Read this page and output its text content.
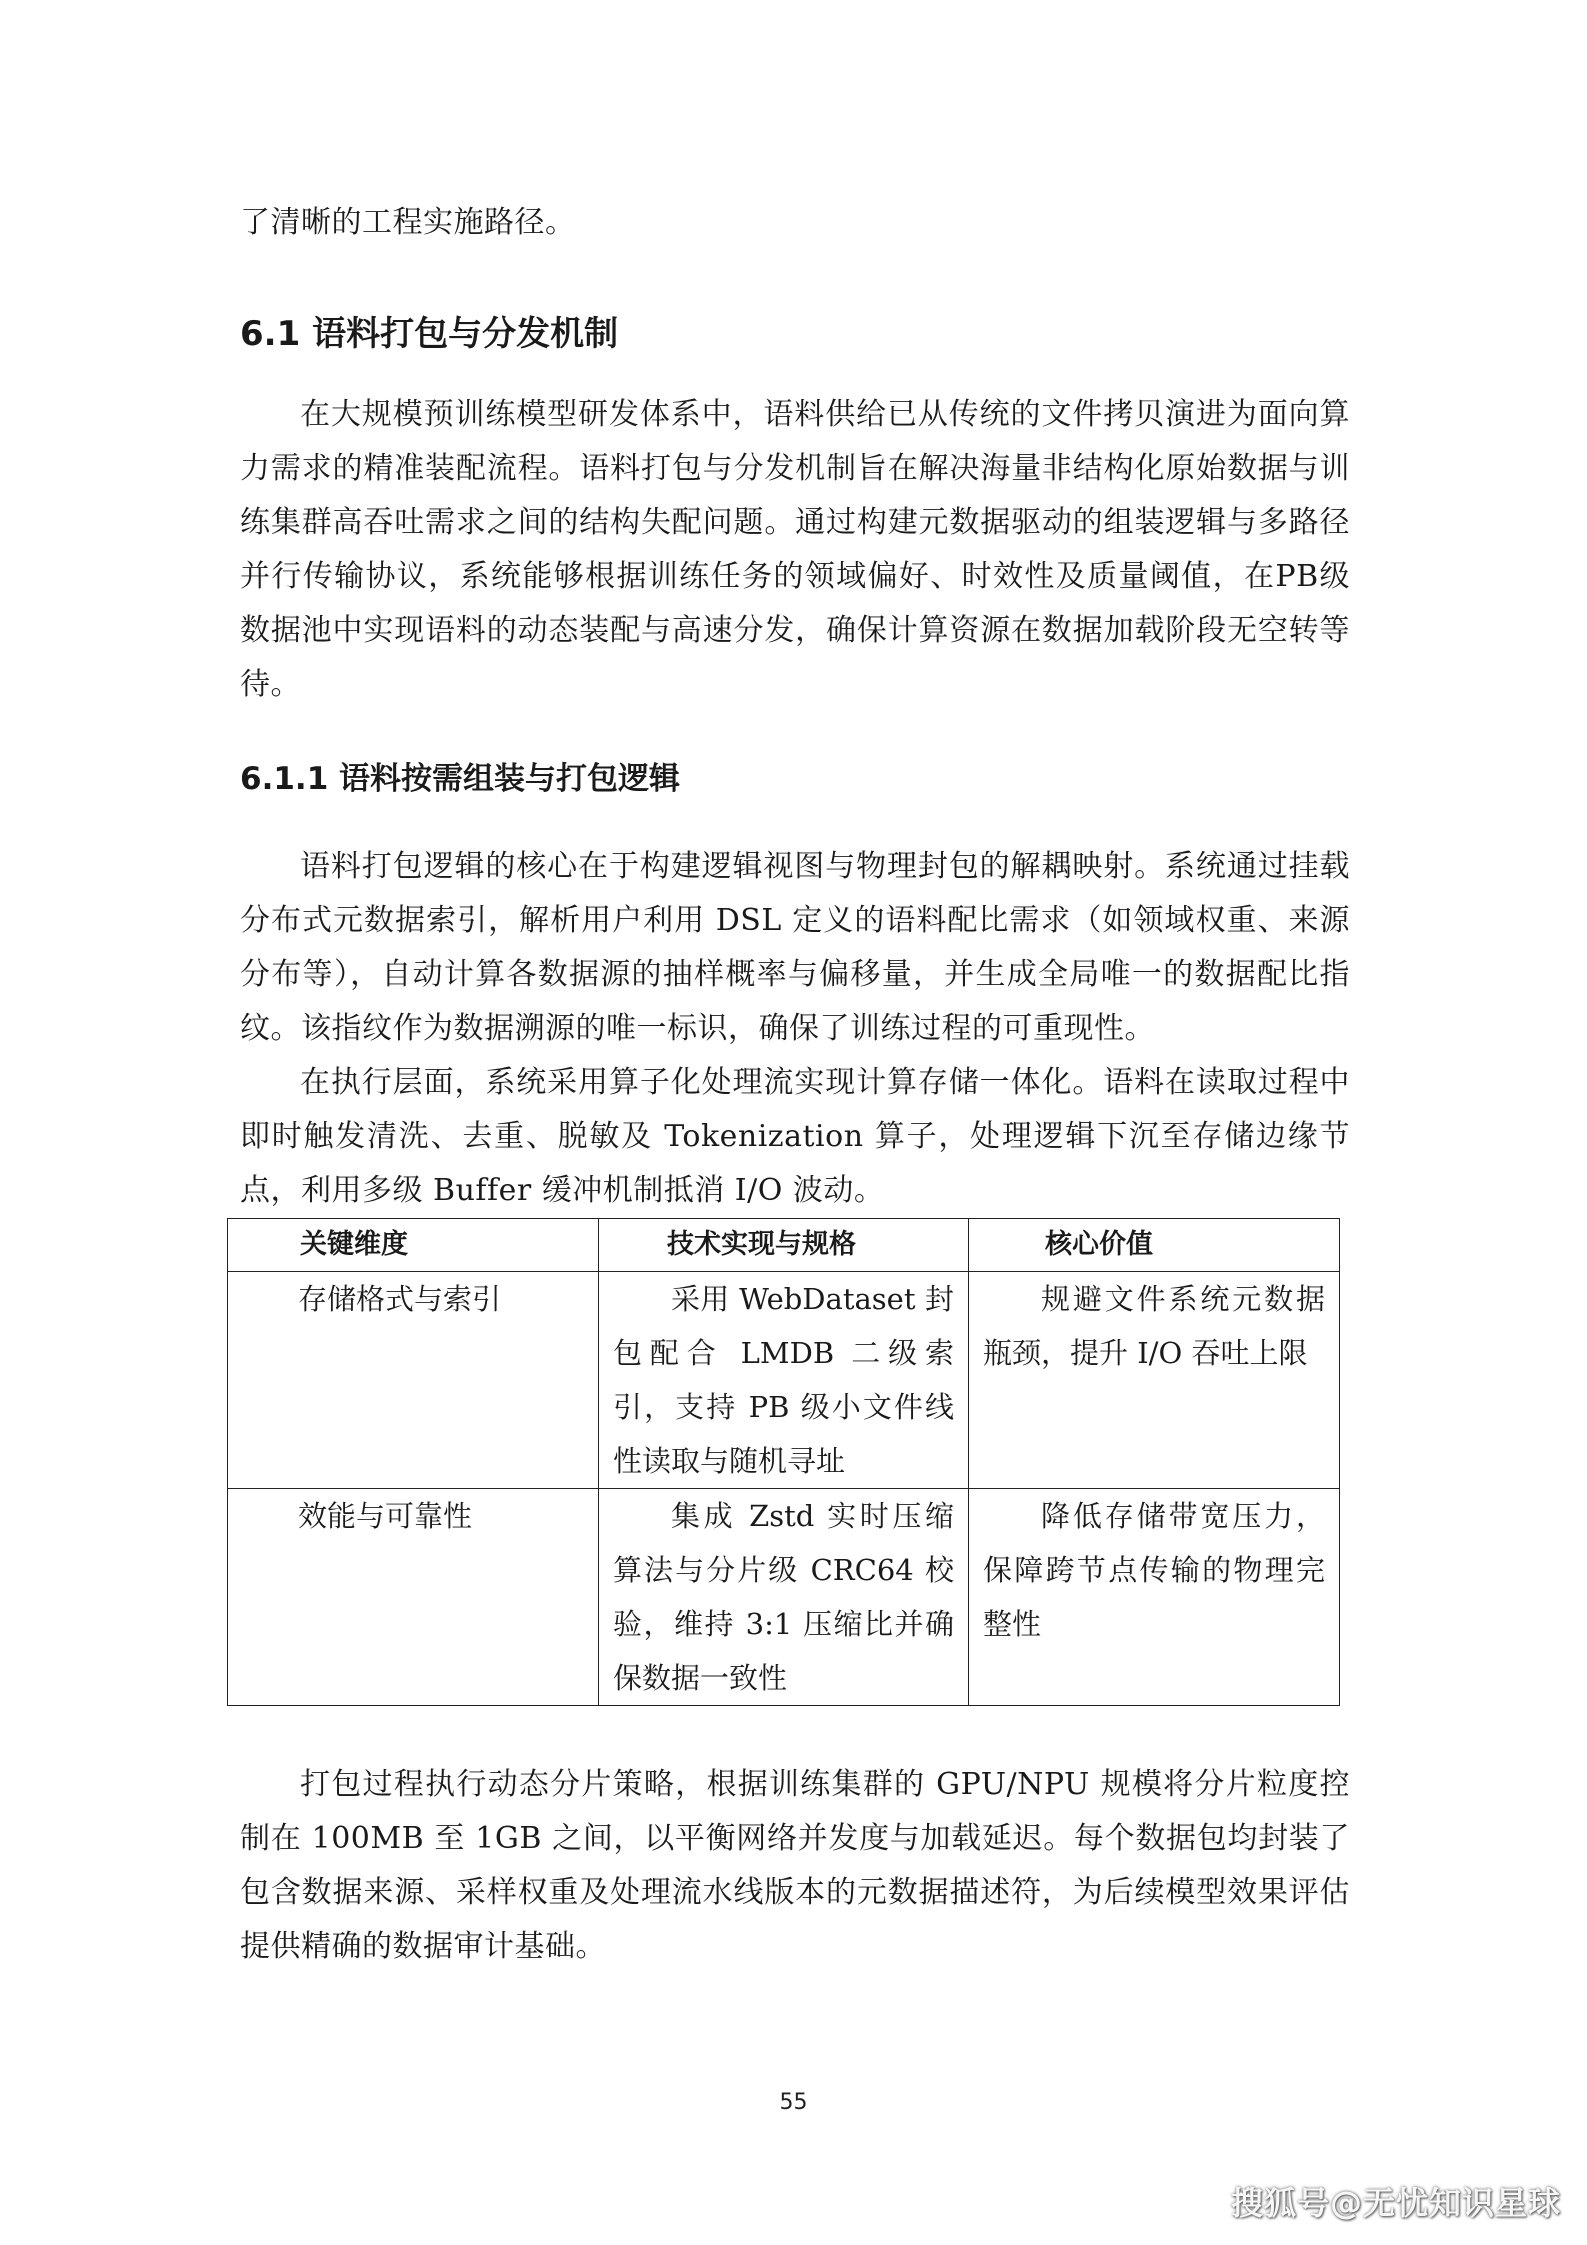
了清晰的工程实施路径。

6.1 语料打包与分发机制

在大规模预训练模型研发体系中，语料供给已从传统的文件拷贝演进为面向算力需求的精准装配流程。语料打包与分发机制旨在解决海量非结构化原始数据与训练集群高吞吐需求之间的结构失配问题。通过构建元数据驱动的组装逻辑与多路径并行传输协议，系统能够根据训练任务的领域偏好、时效性及质量阈值，在PB级数据池中实现语料的动态装配与高速分发，确保计算资源在数据加载阶段无空转等待。

6.1.1 语料按需组装与打包逻辑

语料打包逻辑的核心在于构建逻辑视图与物理封包的解耦映射。系统通过挂载分布式元数据索引，解析用户利用 DSL 定义的语料配比需求（如领域权重、来源分布等），自动计算各数据源的抽样概率与偏移量，并生成全局唯一的数据配比指纹。该指纹作为数据溯源的唯一标识，确保了训练过程的可重现性。

在执行层面，系统采用算子化处理流实现计算存储一体化。语料在读取过程中即时触发清洗、去重、脱敏及 Tokenization 算子，处理逻辑下沉至存储边缘节点，利用多级 Buffer 缓冲机制抵消 I/O 波动。

关键维度	技术实现与规格	核心价值

存储格式与索引	采用 WebDataset 封包配合 LMDB 二级索引，支持 PB 级小文件线性读取与随机寻址	规避文件系统元数据瓶颈，提升 I/O 吞吐上限

效能与可靠性	集成 Zstd 实时压缩算法与分片级 CRC64 校验，维持 3:1 压缩比并确保数据一致性	降低存储带宽压力，保障跨节点传输的物理完整性

打包过程执行动态分片策略，根据训练集群的 GPU/NPU 规模将分片粒度控制在 100MB 至 1GB 之间，以平衡网络并发度与加载延迟。每个数据包均封装了包含数据来源、采样权重及处理流水线版本的元数据描述符，为后续模型效果评估提供精确的数据审计基础。

55
搜狐号@无忧知识星球
